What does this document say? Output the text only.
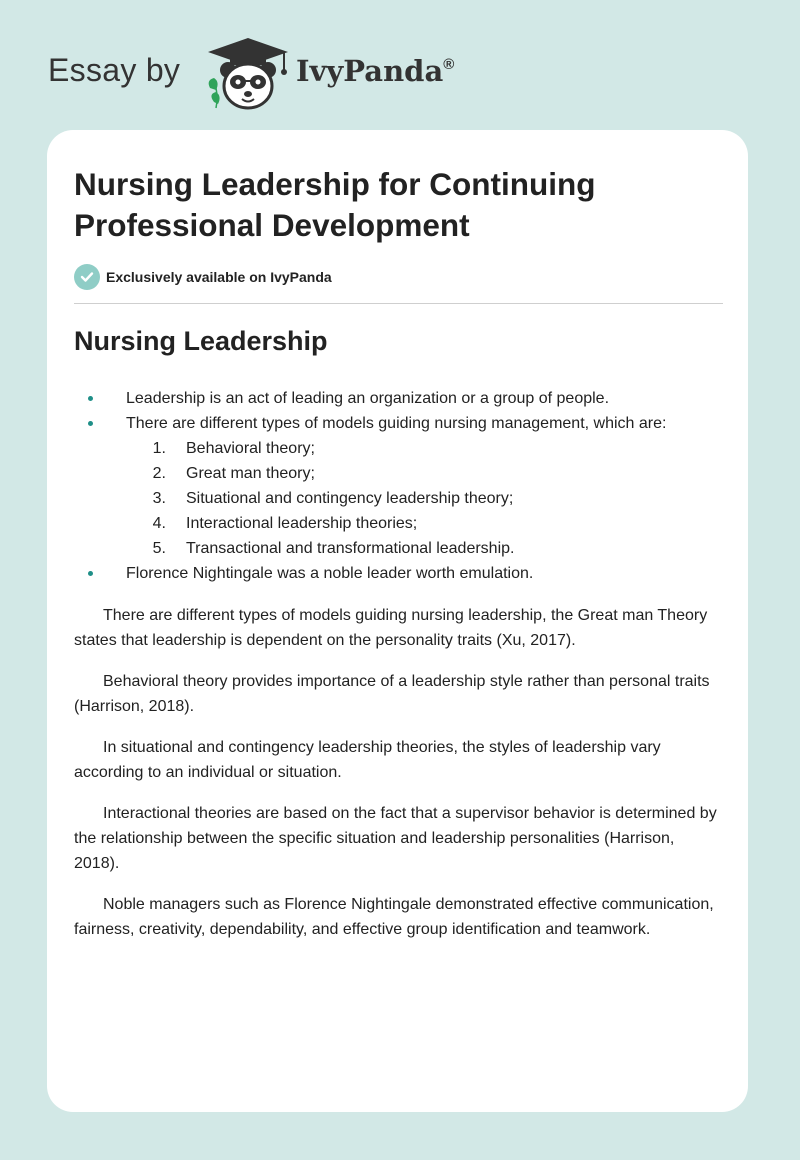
Essay by	IvyPanda®
Nursing Leadership for Continuing Professional Development
Exclusively available on IvyPanda
Nursing Leadership
Leadership is an act of leading an organization or a group of people.
There are different types of models guiding nursing management, which are:
1. Behavioral theory;
2. Great man theory;
3. Situational and contingency leadership theory;
4. Interactional leadership theories;
5. Transactional and transformational leadership.
Florence Nightingale was a noble leader worth emulation.

There are different types of models guiding nursing leadership, the Great man Theory states that leadership is dependent on the personality traits (Xu, 2017).

Behavioral theory provides importance of a leadership style rather than personal traits (Harrison, 2018).

In situational and contingency leadership theories, the styles of leadership vary according to an individual or situation.

Interactional theories are based on the fact that a supervisor behavior is determined by the relationship between the specific situation and leadership personalities (Harrison, 2018).

Noble managers such as Florence Nightingale demonstrated effective communication, fairness, creativity, dependability, and effective group identification and teamwork.
